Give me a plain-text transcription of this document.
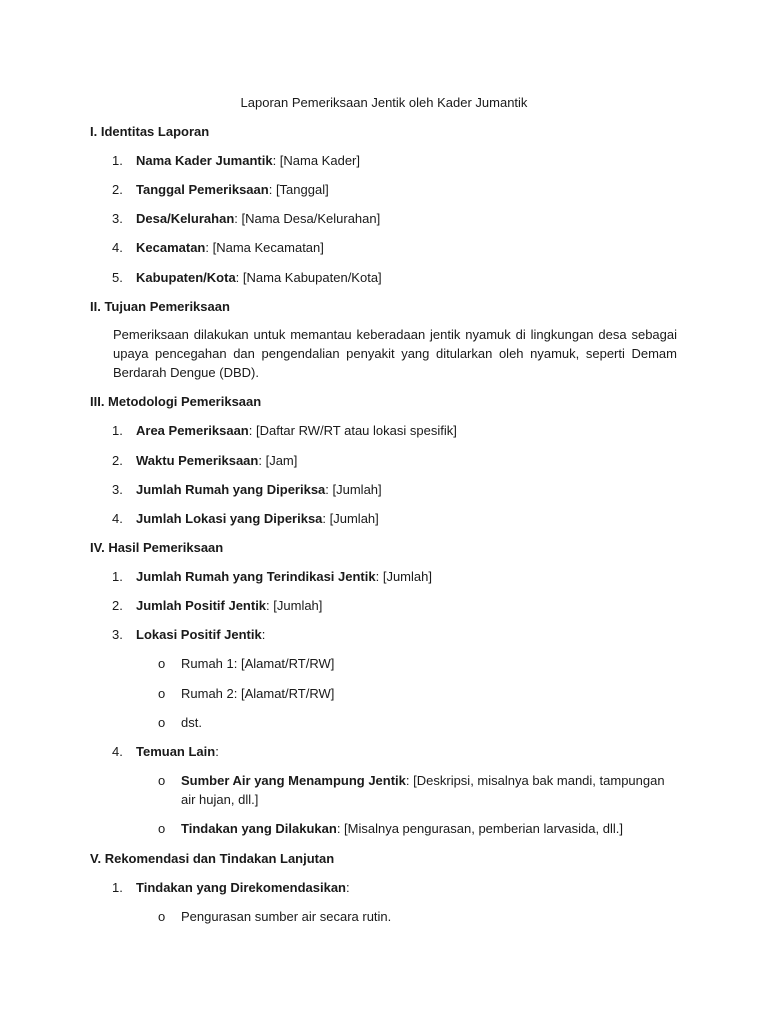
Laporan Pemeriksaan Jentik oleh Kader Jumantik
I. Identitas Laporan
1. Nama Kader Jumantik: [Nama Kader]
2. Tanggal Pemeriksaan: [Tanggal]
3. Desa/Kelurahan: [Nama Desa/Kelurahan]
4. Kecamatan: [Nama Kecamatan]
5. Kabupaten/Kota: [Nama Kabupaten/Kota]
II. Tujuan Pemeriksaan
Pemeriksaan dilakukan untuk memantau keberadaan jentik nyamuk di lingkungan desa sebagai upaya pencegahan dan pengendalian penyakit yang ditularkan oleh nyamuk, seperti Demam Berdarah Dengue (DBD).
III. Metodologi Pemeriksaan
1. Area Pemeriksaan: [Daftar RW/RT atau lokasi spesifik]
2. Waktu Pemeriksaan: [Jam]
3. Jumlah Rumah yang Diperiksa: [Jumlah]
4. Jumlah Lokasi yang Diperiksa: [Jumlah]
IV. Hasil Pemeriksaan
1. Jumlah Rumah yang Terindikasi Jentik: [Jumlah]
2. Jumlah Positif Jentik: [Jumlah]
3. Lokasi Positif Jentik:
o Rumah 1: [Alamat/RT/RW]
o Rumah 2: [Alamat/RT/RW]
o dst.
4. Temuan Lain:
o Sumber Air yang Menampung Jentik: [Deskripsi, misalnya bak mandi, tampungan air hujan, dll.]
o Tindakan yang Dilakukan: [Misalnya pengurasan, pemberian larvasida, dll.]
V. Rekomendasi dan Tindakan Lanjutan
1. Tindakan yang Direkomendasikan:
o Pengurasan sumber air secara rutin.
